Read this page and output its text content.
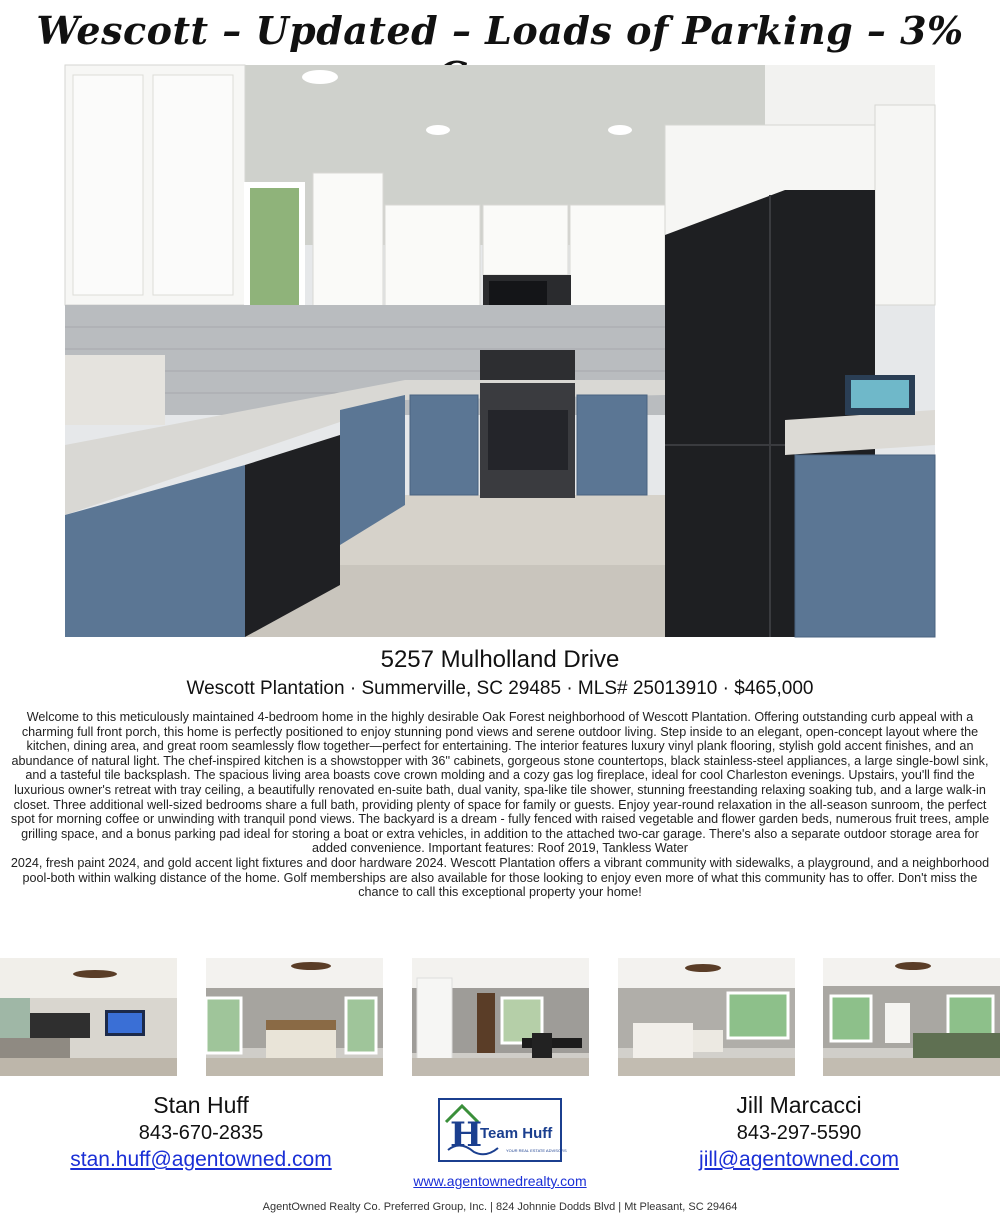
Wescott – Updated – Loads of Parking – 3%
5257 Mulholland Drive
Wescott Plantation · Summerville, SC 29485 · MLS# 25013910 · $465,000

Welcome to this meticulously maintained 4-bedroom home in the highly desirable Oak Forest neighborhood of Wescott Plantation. Offering outstanding curb appeal with a charming full front porch, this home is perfectly positioned to enjoy stunning pond views and serene outdoor living. Step inside to an elegant, open-concept layout where the kitchen, dining area, and great room seamlessly flow together—perfect for entertaining. The interior features luxury vinyl plank flooring, stylish gold accent finishes, and an abundance of natural light. The chef-inspired kitchen is a showstopper with 36'' cabinets, gorgeous stone countertops, black stainless-steel appliances, a large single-bowl sink, and a tasteful tile backsplash. The spacious living area boasts cove crown molding and a cozy gas log fireplace, ideal for cool Charleston evenings. Upstairs, you'll find the luxurious owner's retreat with tray ceiling, a beautifully renovated en-suite bath, dual vanity, spa-like tile shower, stunning freestanding relaxing soaking tub, and a large walk-in closet. Three additional well-sized bedrooms share a full bath, providing plenty of space for family or guests. Enjoy year-round relaxation in the all-season sunroom, the perfect spot for morning coffee or unwinding with tranquil pond views. The backyard is a dream - fully fenced with raised vegetable and flower garden beds, numerous fruit trees, ample grilling space, and a bonus parking pad ideal for storing a boat or extra vehicles, in addition to the attached two-car garage. There's also a separate outdoor storage area for added convenience. Important features: Roof 2019, Tankless Water

2024, fresh paint 2024, and gold accent light fixtures and door hardware 2024. Wescott Plantation offers a vibrant community with sidewalks, a playground, and a neighborhood pool-both within walking distance of the home. Golf memberships are also available for those looking to enjoy even more of what this community has to offer. Don't miss the chance to call this exceptional property your home!

Stan Huff
843-670-2835
stan.huff@agentowned.com
H
Team Huff
YOUR REAL ESTATE ADVISORS
Jill Marcacci
843-297-5590
jill@agentowned.com
www.agentownedrealty.com
AgentOwned Realty Co. Preferred Group, Inc. | 824 Johnnie Dodds Blvd | Mt Pleasant, SC 29464
